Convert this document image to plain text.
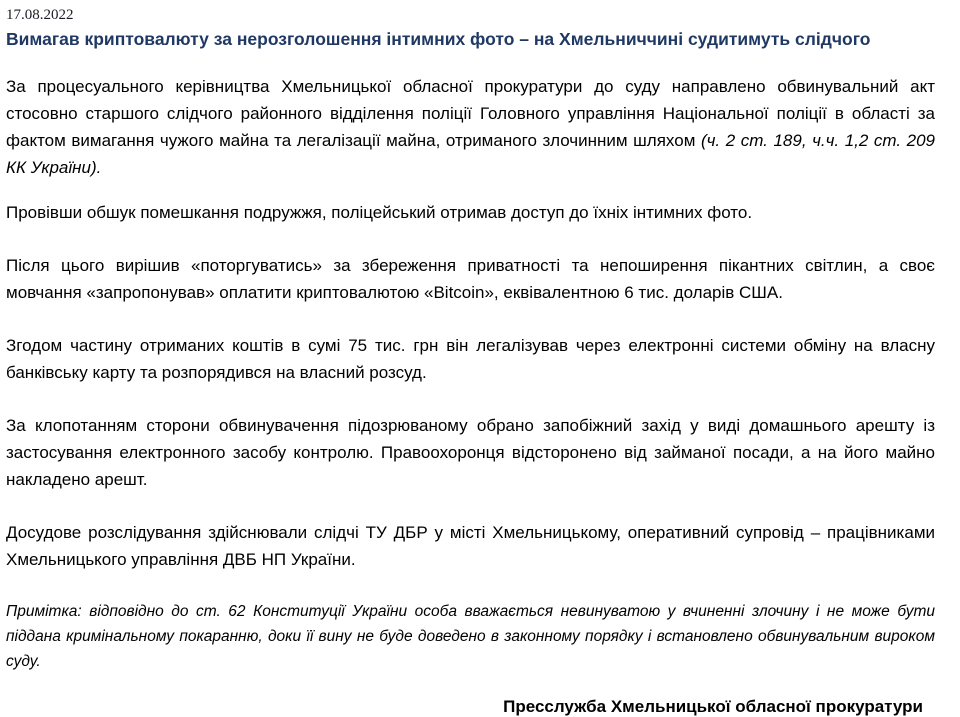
17.08.2022
Вимагав криптовалюту за нерозголошення інтимних фото – на Хмельниччині судитимуть слідчого

За процесуального керівництва Хмельницької обласної прокуратури до суду направлено обвинувальний акт стосовно старшого слідчого районного відділення поліції Головного управління Національної поліції в області за фактом вимагання чужого майна та легалізації майна, отриманого злочинним шляхом (ч. 2 ст. 189, ч.ч. 1,2 ст. 209 КК України).

Провівши обшук помешкання подружжя, поліцейський отримав доступ до їхніх інтимних фото.

Після цього вирішив «поторгуватись» за збереження приватності та непоширення пікантних світлин, а своє мовчання «запропонував» оплатити криптовалютою «Bitcoin», еквівалентною 6 тис. доларів США.

Згодом частину отриманих коштів в сумі 75 тис. грн він легалізував через електронні системи обміну на власну банківську карту та розпорядився на власний розсуд.

За клопотанням сторони обвинувачення підозрюваному обрано запобіжний захід у виді домашнього арешту із застосування електронного засобу контролю. Правоохоронця відсторонено від займаної посади, а на його майно накладено арешт.

Досудове розслідування здійснювали слідчі ТУ ДБР у місті Хмельницькому, оперативний супровід – працівниками Хмельницького управління ДВБ НП України.

Примітка: відповідно до ст. 62 Конституції України особа вважається невинуватою у вчиненні злочину і не може бути піддана кримінальному покаранню, доки її вину не буде доведено в законному порядку і встановлено обвинувальним вироком суду.

Пресслужба Хмельницької обласної прокуратури
